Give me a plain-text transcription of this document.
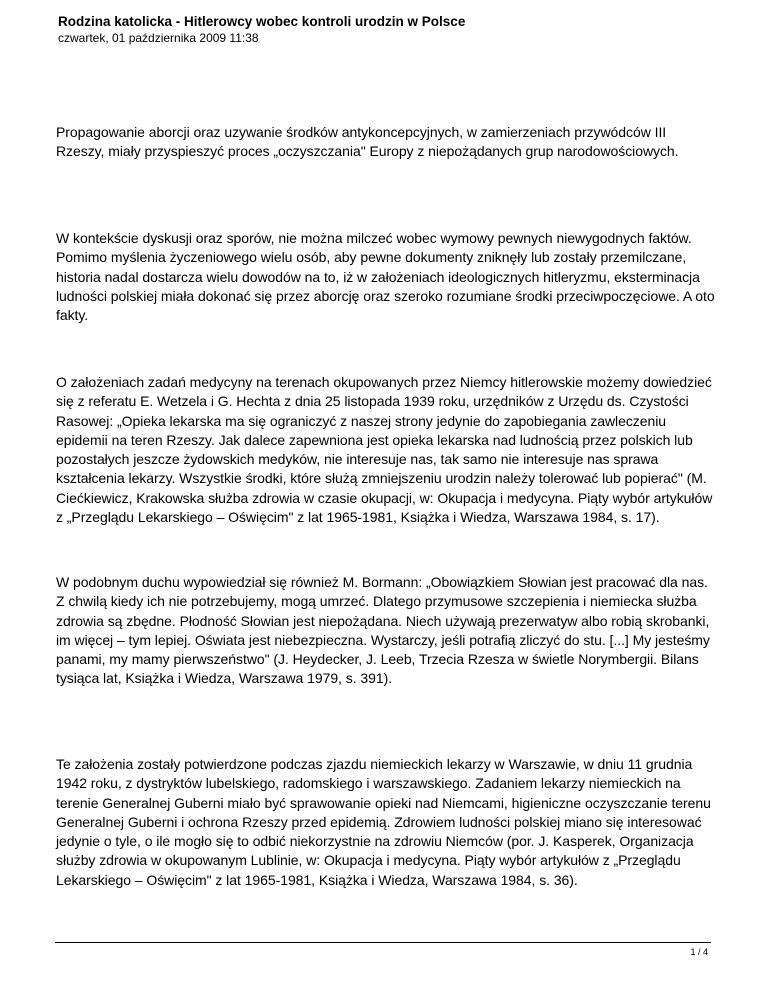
Rodzina katolicka - Hitlerowcy wobec kontroli urodzin w Polsce

czwartek, 01 października 2009 11:38

Propagowanie aborcji oraz uzywanie środków antykoncepcyjnych, w zamierzeniach przywódców III Rzeszy, miały przyspieszyć proces „oczyszczania" Europy z niepożądanych grup narodowościowych.

W kontekście dyskusji oraz sporów, nie można milczeć wobec wymowy pewnych niewygodnych faktów. Pomimo myślenia życzeniowego wielu osób, aby pewne dokumenty zniknęły lub zostały przemilczane, historia nadal dostarcza wielu dowodów na to, iż w założeniach ideologicznych hitleryzmu, eksterminacja ludności polskiej miała dokonać się przez aborcję oraz szeroko rozumiane środki przeciwpoczęciowe. A oto fakty.

O założeniach zadań medycyny na terenach okupowanych przez Niemcy hitlerowskie możemy dowiedzieć się z referatu E. Wetzela i G. Hechta z dnia 25 listopada 1939 roku, urzędników z Urzędu ds. Czystości Rasowej: „Opieka lekarska ma się ograniczyć z naszej strony jedynie do zapobiegania zawleczeniu epidemii na teren Rzeszy. Jak dalece zapewniona jest opieka lekarska nad ludnością przez polskich lub pozostałych jeszcze żydowskich medyków, nie interesuje nas, tak samo nie interesuje nas sprawa kształcenia lekarzy. Wszystkie środki, które służą zmniejszeniu urodzin należy tolerować lub popierać" (M. Ciećkiewicz, Krakowska służba zdrowia w czasie okupacji, w: Okupacja i medycyna. Piąty wybór artykułów z „Przeglądu Lekarskiego – Oświęcim" z lat 1965-1981, Książka i Wiedza, Warszawa 1984, s. 17).

W podobnym duchu wypowiedział się również M. Bormann: „Obowiązkiem Słowian jest pracować dla nas. Z chwilą kiedy ich nie potrzebujemy, mogą umrzeć. Dlatego przymusowe szczepienia i niemiecka służba zdrowia są zbędne. Płodność Słowian jest niepożądana. Niech używają prezerwatyw albo robią skrobanki, im więcej – tym lepiej. Oświata jest niebezpieczna. Wystarczy, jeśli potrafią zliczyć do stu. [...] My jesteśmy panami, my mamy pierwszeństwo" (J. Heydecker, J. Leeb, Trzecia Rzesza w świetle Norymbergii. Bilans tysiąca lat, Książka i Wiedza, Warszawa 1979, s. 391).

Te założenia zostały potwierdzone podczas zjazdu niemieckich lekarzy w Warszawie, w dniu 11 grudnia 1942 roku, z dystryktów lubelskiego, radomskiego i warszawskiego. Zadaniem lekarzy niemieckich na terenie Generalnej Guberni miało być sprawowanie opieki nad Niemcami, higieniczne oczyszczanie terenu Generalnej Guberni i ochrona Rzeszy przed epidemią. Zdrowiem ludności polskiej miano się interesować jedynie o tyle, o ile mogło się to odbić niekorzystnie na zdrowiu Niemców (por. J. Kasperek, Organizacja służby zdrowia w okupowanym Lublinie, w: Okupacja i medycyna. Piąty wybór artykułów z „Przeglądu Lekarskiego – Oświęcim" z lat 1965-1981, Książka i Wiedza, Warszawa 1984, s. 36).

1 / 4
